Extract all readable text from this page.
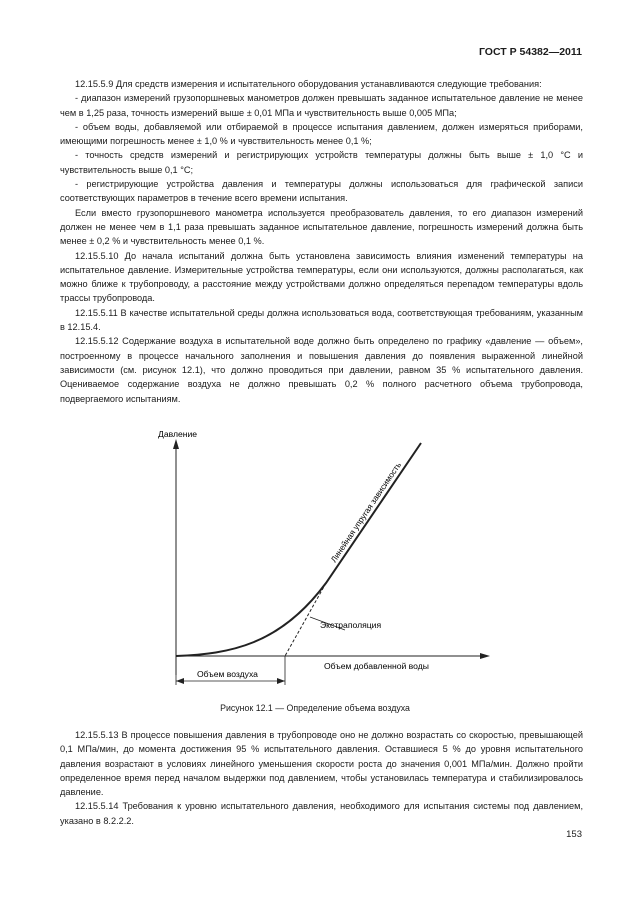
ГОСТ Р 54382—2011

12.15.5.9 Для средств измерения и испытательного оборудования устанавливаются следующие требования:

- диапазон измерений грузопоршневых манометров должен превышать заданное испытательное давление не менее чем в 1,25 раза, точность измерений выше ± 0,01 МПа и чувствительность выше 0,005 МПа;

- объем воды, добавляемой или отбираемой в процессе испытания давлением, должен измеряться приборами, имеющими погрешность менее ± 1,0 % и чувствительность менее 0,1 %;

- точность средств измерений и регистрирующих устройств температуры должны быть выше ± 1,0 °С и чувствительность выше 0,1 °С;

- регистрирующие устройства давления и температуры должны использоваться для графической записи соответствующих параметров в течение всего времени испытания.

Если вместо грузопоршневого манометра используется преобразователь давления, то его диапазон измерений должен не менее чем в 1,1 раза превышать заданное испытательное давление, погрешность измерений должна быть менее ± 0,2 % и чувствительность менее 0,1 %.

12.15.5.10 До начала испытаний должна быть установлена зависимость влияния изменений температуры на испытательное давление. Измерительные устройства температуры, если они используются, должны располагаться, как можно ближе к трубопроводу, а расстояние между устройствами должно определяться перепадом температуры вдоль трассы трубопровода.

12.15.5.11 В качестве испытательной среды должна использоваться вода, соответствующая требованиям, указанным в 12.15.4.

12.15.5.12 Содержание воздуха в испытательной воде должно быть определено по графику «давление — объем», построенному в процессе начального заполнения и повышения давления до появления выраженной линейной зависимости (см. рисунок 12.1), что должно проводиться при давлении, равном 35 % испытательного давления. Оцениваемое содержание воздуха не должно превышать 0,2 % полного расчетного объема трубопровода, подвергаемого испытаниям.

Давление
Объем добавленной воды
Экстраполяция
Объем воздуха
Линейная упругая зависимость
Рисунок 12.1 — Определение объема воздуха

12.15.5.13 В процессе повышения давления в трубопроводе оно не должно возрастать со скоростью, превышающей 0,1 МПа/мин, до момента достижения 95 % испытательного давления. Оставшиеся 5 % до уровня испытательного давления возрастают в условиях линейного уменьшения скорости роста до значения 0,001 МПа/мин. Должно пройти определенное время перед началом выдержки под давлением, чтобы установилась температура и стабилизировалось давление.

12.15.5.14 Требования к уровню испытательного давления, необходимого для испытания системы под давлением, указано в 8.2.2.2.

153
